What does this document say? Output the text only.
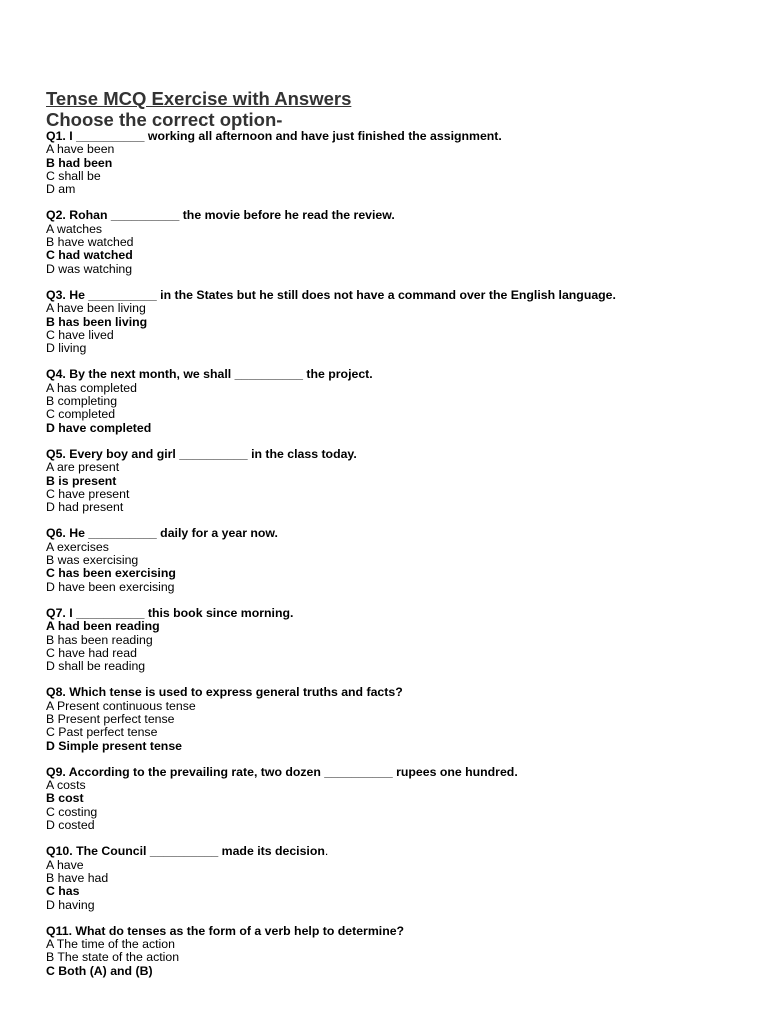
Tense MCQ Exercise with Answers
Choose the correct option-

Q1. I __________ working all afternoon and have just finished the assignment.

A have been

B had been

C shall be

D am

Q2. Rohan __________ the movie before he read the review.

A watches

B have watched

C had watched

D was watching

Q3. He __________ in the States but he still does not have a command over the English language.

A have been living

B has been living

C have lived

D living

Q4. By the next month, we shall __________ the project.

A has completed

B completing

C completed

D have completed

Q5. Every boy and girl __________ in the class today.

A are present

B is present

C have present

D had present

Q6. He __________ daily for a year now.

A exercises

B was exercising

C has been exercising

D have been exercising

Q7. I __________ this book since morning.

A had been reading

B has been reading

C have had read

D shall be reading

Q8. Which tense is used to express general truths and facts?

A Present continuous tense

B Present perfect tense

C Past perfect tense

D Simple present tense

Q9. According to the prevailing rate, two dozen __________ rupees one hundred.

A costs

B cost

C costing

D costed

Q10. The Council __________ made its decision.

A have

B have had

C has

D having

Q11. What do tenses as the form of a verb help to determine?

A The time of the action

B The state of the action

C Both (A) and (B)
